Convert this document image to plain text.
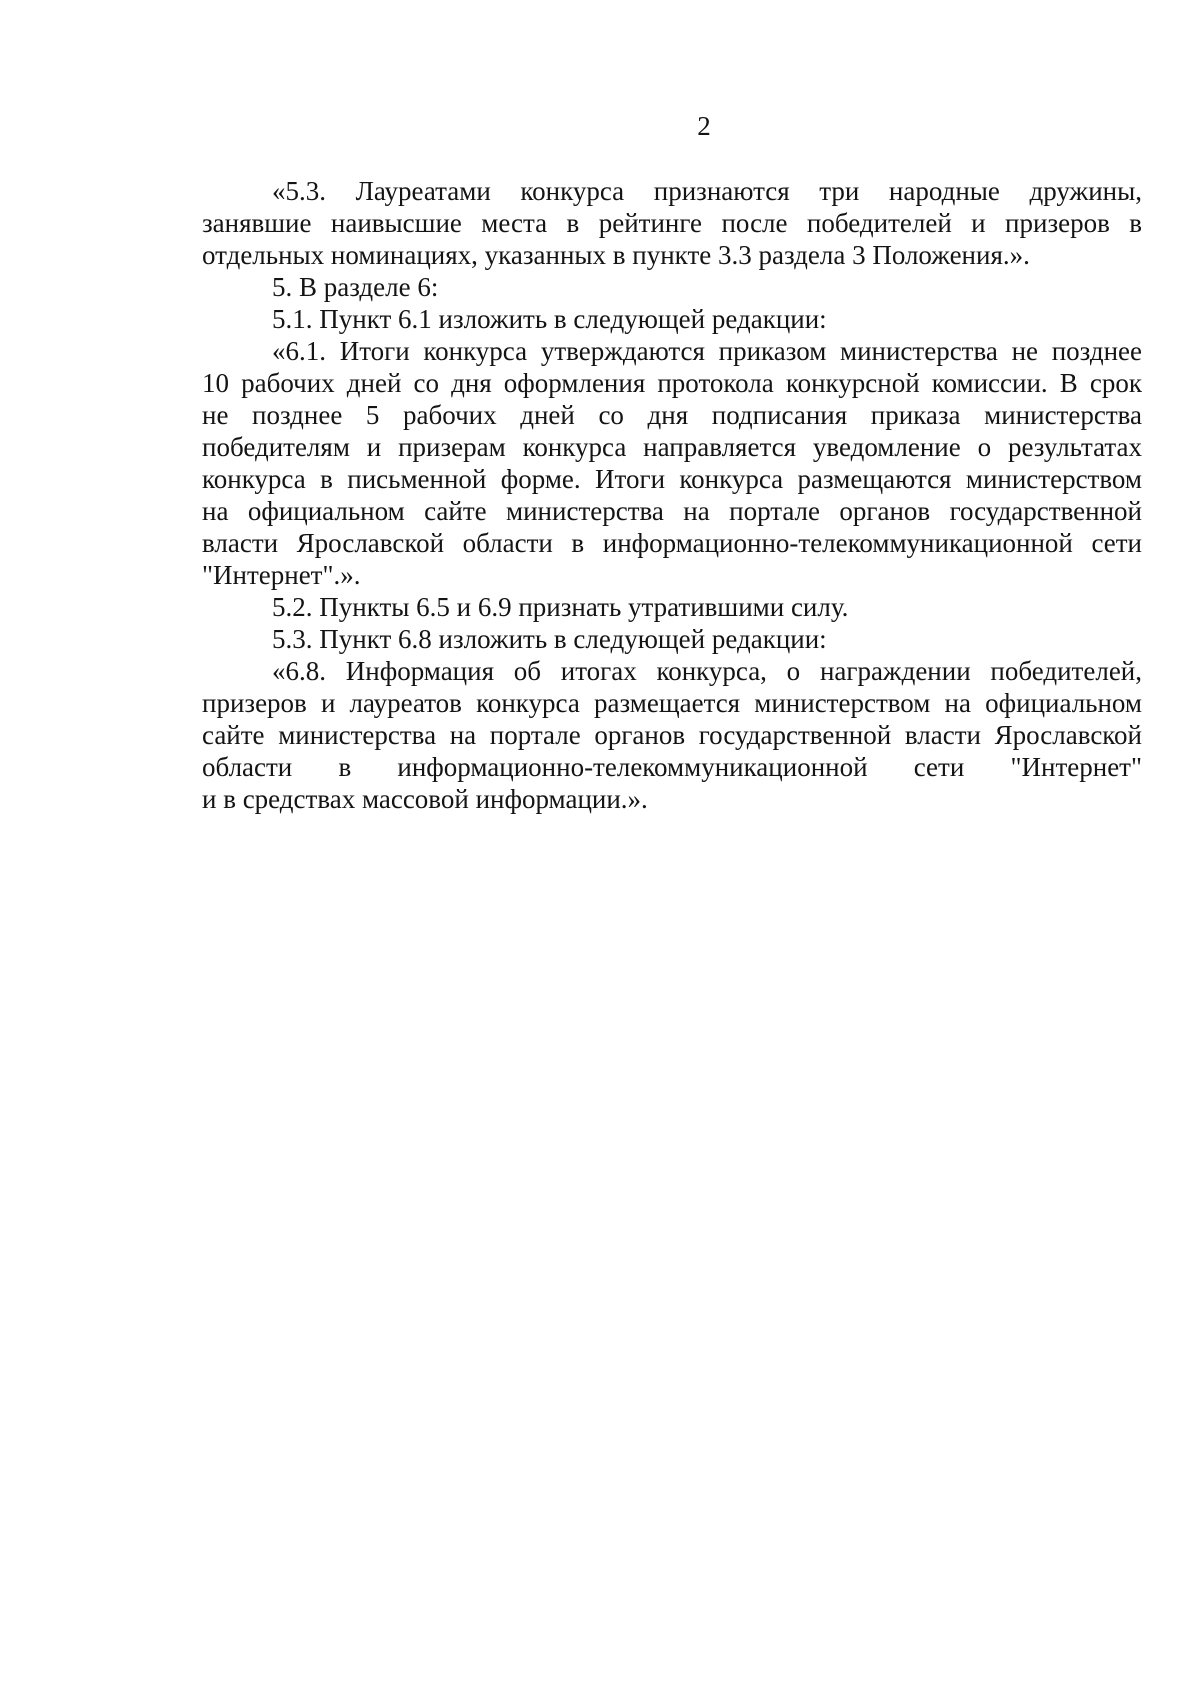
2

«5.3. Лауреатами конкурса признаются три народные дружины,
занявшие наивысшие места в рейтинге после победителей и призеров в
отдельных номинациях, указанных в пункте 3.3 раздела 3 Положения.».

5. В разделе 6:

5.1. Пункт 6.1 изложить в следующей редакции:

«6.1. Итоги конкурса утверждаются приказом министерства не позднее
10 рабочих дней со дня оформления протокола конкурсной комиссии. В срок
не позднее 5 рабочих дней со дня подписания приказа министерства
победителям и призерам конкурса направляется уведомление о результатах
конкурса в письменной форме. Итоги конкурса размещаются министерством
на официальном сайте министерства на портале органов государственной
власти Ярославской области в информационно-телекоммуникационной сети
"Интернет".».

5.2. Пункты 6.5 и 6.9 признать утратившими силу.

5.3. Пункт 6.8 изложить в следующей редакции:

«6.8. Информация об итогах конкурса, о награждении победителей,
призеров и лауреатов конкурса размещается министерством на официальном
сайте министерства на портале органов государственной власти Ярославской
области в информационно-телекоммуникационной сети "Интернет"
и в средствах массовой информации.».
